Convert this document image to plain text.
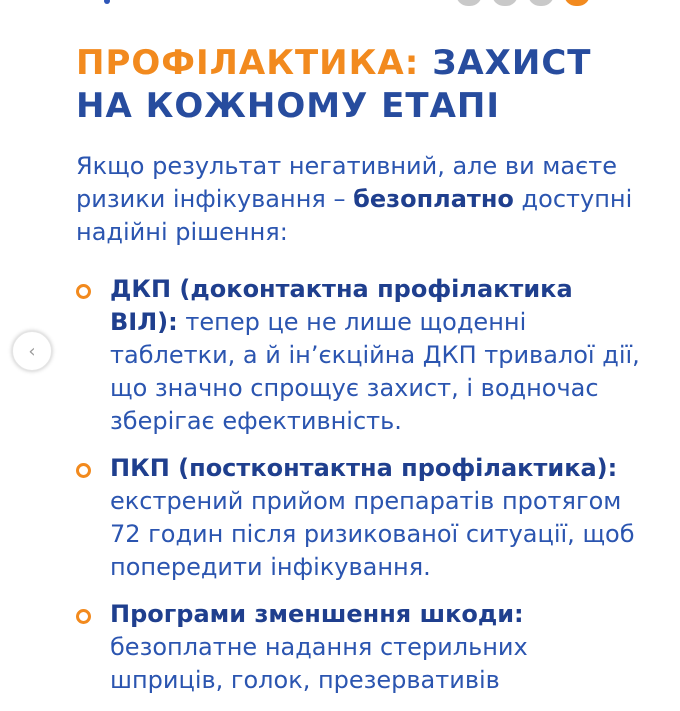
‹
ПРОФІЛАКТИКА: ЗАХИСТ НА КОЖНОМУ ЕТАПІ

Якщо результат негативний, але ви маєте ризики інфікування – безоплатно доступні надійні рішення:

ДКП (доконтактна профілактика ВІЛ): тепер це не лише щоденні таблетки, а й ін’єкційна ДКП тривалої дії, що значно спрощує захист, і водночас зберігає ефективність.
ПКП (постконтактна профілактика): екстрений прийом препаратів протягом 72 годин після ризикованої ситуації, щоб попередити інфікування.
Програми зменшення шкоди: безоплатне надання стерильних шприців, голок, презервативів
